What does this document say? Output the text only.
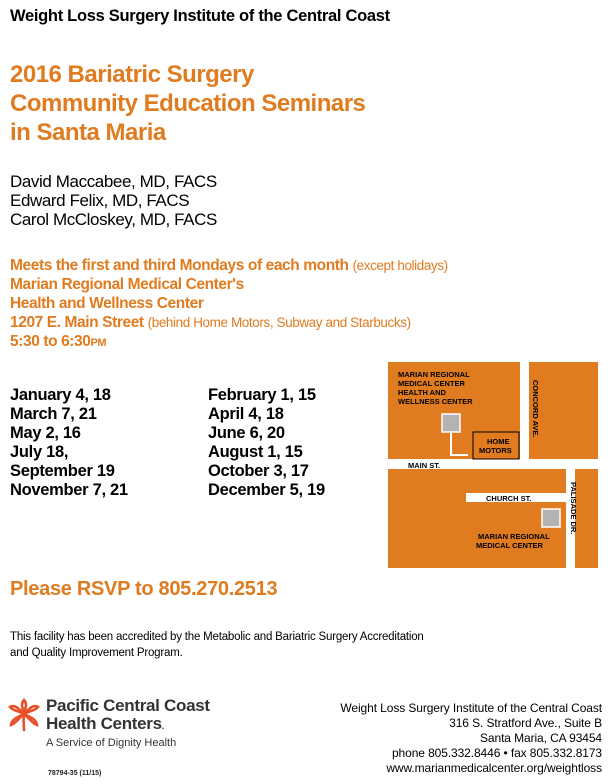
Weight Loss Surgery Institute of the Central Coast
2016 Bariatric Surgery
Community Education Seminars
in Santa Maria
David Maccabee, MD, FACS
Edward Felix, MD, FACS
Carol McCloskey, MD, FACS
Meets the first and third Mondays of each month (except holidays)
Marian Regional Medical Center's
Health and Wellness Center
1207 E. Main Street (behind Home Motors, Subway and Starbucks)
5:30 to 6:30PM
January 4, 18
March 7, 21
May 2, 16
July 18,
September 19
November 7, 21
February 1, 15
April 4, 18
June 6, 20
August 1, 15
October 3, 17
December 5, 19
MARIAN REGIONAL
MEDICAL CENTER
HEALTH AND
WELLNESS CENTER
HOME
MOTORS
MAIN ST.
CHURCH ST.
MARIAN REGIONAL
MEDICAL CENTER
CONCORD AVE.
PALISADE DR.
Please RSVP to 805.270.2513
This facility has been accredited by the Metabolic and Bariatric Surgery Accreditation
and Quality Improvement Program.
Pacific Central Coast
Health Centers.
A Service of Dignity Health
Weight Loss Surgery Institute of the Central Coast
316 S. Stratford Ave., Suite B
Santa Maria, CA 93454
phone 805.332.8446 • fax 805.332.8173
www.marianmedicalcenter.org/weightloss
78794-35 (11/15)
